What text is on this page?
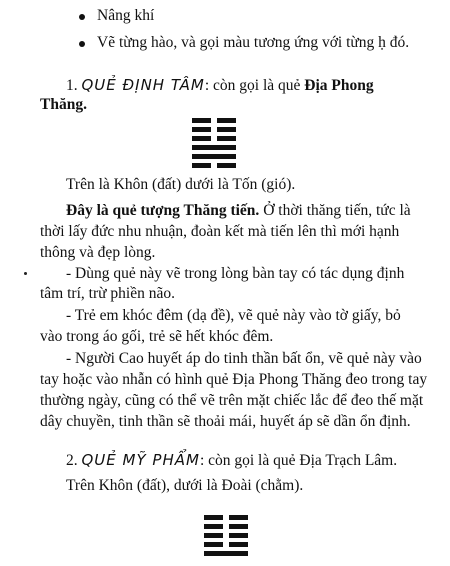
Nâng khí
Vẽ từng hào, và gọi màu tương ứng với từng ḥ đó.
1. QUẺ ĐỊNH TÂM: còn gọi là quẻ Địa Phong
Thăng.
Trên là Khôn (đất) dưới là Tốn (gió).
Đây là quẻ tượng Thăng tiến. Ở thời thăng tiến, tức là
thời lấy đức nhu nhuận, đoàn kết mà tiến lên thì mới hạnh
thông và đẹp lòng.
- Dùng quẻ này vẽ trong lòng bàn tay có tác dụng định
tâm trí, trừ phiền não.
- Trẻ em khóc đêm (dạ đề), vẽ quẻ này vào tờ giấy, bỏ
vào trong áo gối, trẻ sẽ hết khóc đêm.
- Người Cao huyết áp do tinh thần bất ổn, vẽ quẻ này vào
tay hoặc vào nhẫn có hình quẻ Địa Phong Thăng đeo trong tay
thường ngày, cũng có thể vẽ trên mặt chiếc lắc để đeo thế mặt
dây chuyền, tinh thần sẽ thoải mái, huyết áp sẽ dần ổn định.
2. QUẺ MỸ PHẨM: còn gọi là quẻ Địa Trạch Lâm.
Trên Khôn (đất), dưới là Đoài (chằm).
